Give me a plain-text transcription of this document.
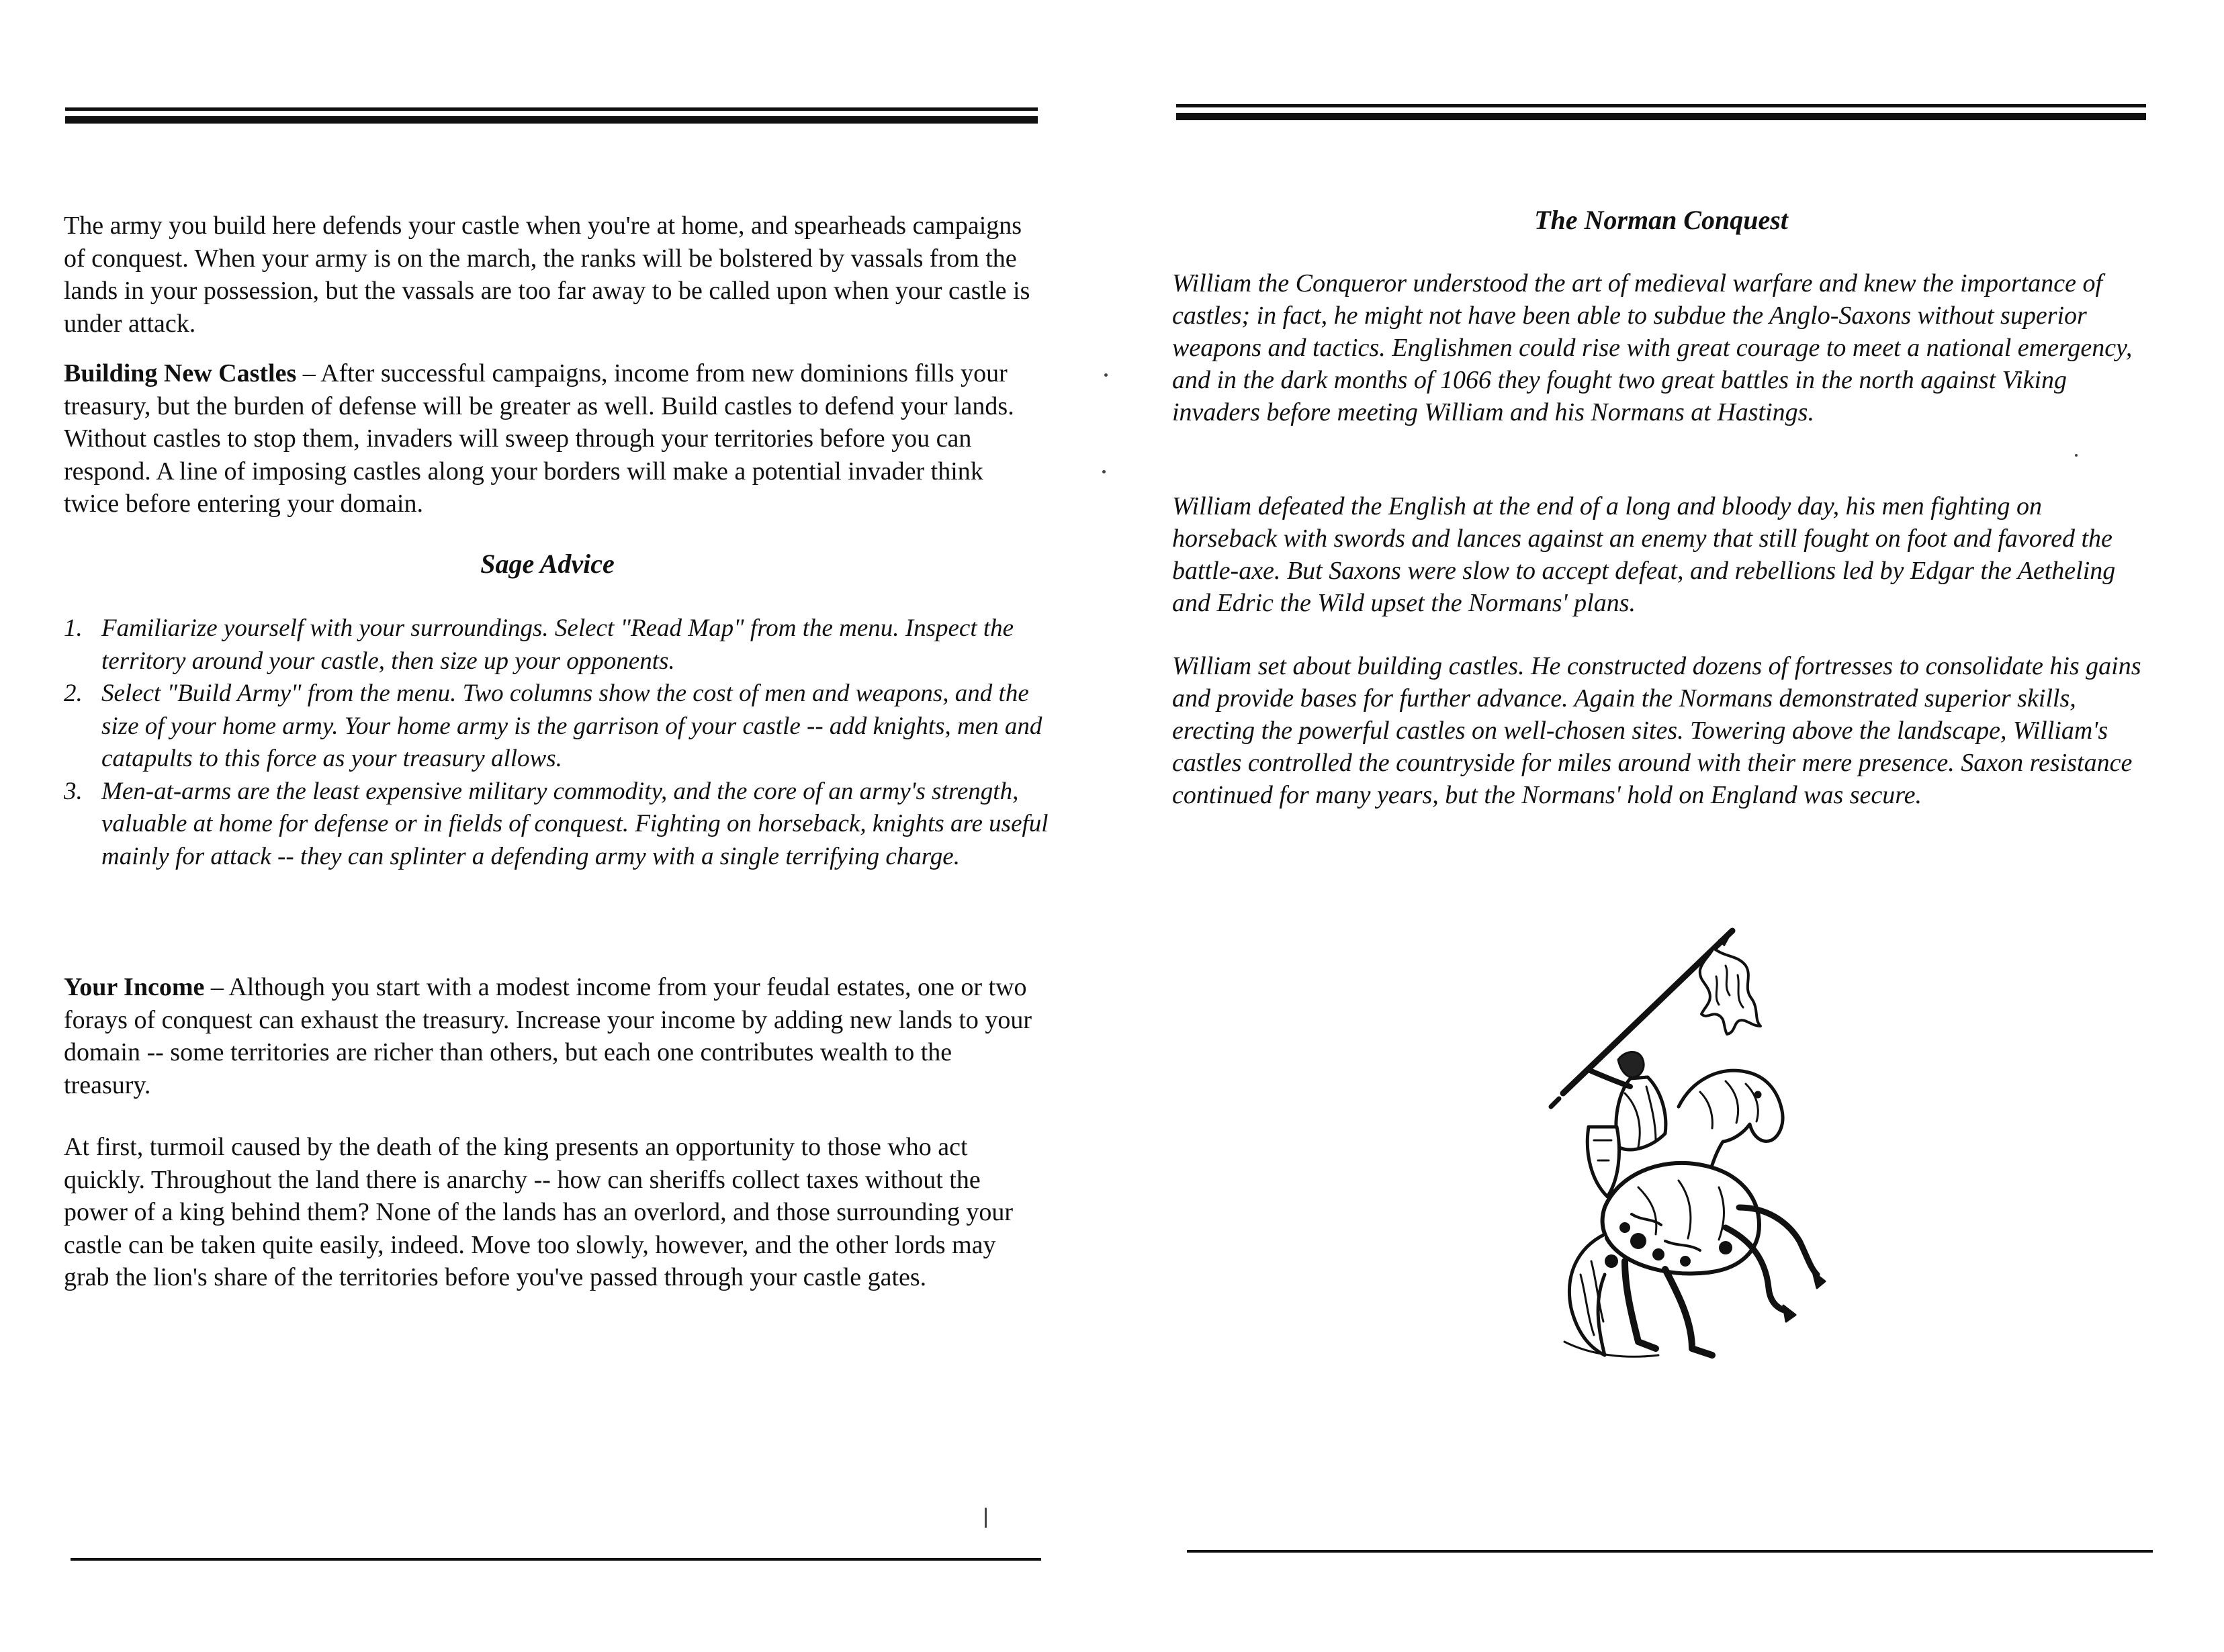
The army you build here defends your castle when you're at home, and spearheads campaigns of conquest. When your army is on the march, the ranks will be bolstered by vassals from the lands in your possession, but the vassals are too far away to be called upon when your castle is under attack.

Building New Castles – After successful campaigns, income from new dominions fills your treasury, but the burden of defense will be greater as well. Build castles to defend your lands. Without castles to stop them, invaders will sweep through your territories before you can respond. A line of imposing castles along your borders will make a potential invader think twice before entering your domain.

Sage Advice
1. Familiarize yourself with your surroundings. Select "Read Map" from the menu. Inspect the territory around your castle, then size up your opponents.
2. Select "Build Army" from the menu. Two columns show the cost of men and weapons, and the size of your home army. Your home army is the garrison of your castle -- add knights, men and catapults to this force as your treasury allows.
3. Men-at-arms are the least expensive military commodity, and the core of an army's strength, valuable at home for defense or in fields of conquest. Fighting on horseback, knights are useful mainly for attack -- they can splinter a defending army with a single terrifying charge.

Your Income – Although you start with a modest income from your feudal estates, one or two forays of conquest can exhaust the treasury. Increase your income by adding new lands to your domain -- some territories are richer than others, but each one contributes wealth to the treasury.

At first, turmoil caused by the death of the king presents an opportunity to those who act quickly. Throughout the land there is anarchy -- how can sheriffs collect taxes without the power of a king behind them? None of the lands has an overlord, and those surrounding your castle can be taken quite easily, indeed. Move too slowly, however, and the other lords may grab the lion's share of the territories before you've passed through your castle gates.

The Norman Conquest

William the Conqueror understood the art of medieval warfare and knew the importance of castles; in fact, he might not have been able to subdue the Anglo-Saxons without superior weapons and tactics. Englishmen could rise with great courage to meet a national emergency, and in the dark months of 1066 they fought two great battles in the north against Viking invaders before meeting William and his Normans at Hastings.

William defeated the English at the end of a long and bloody day, his men fighting on horseback with swords and lances against an enemy that still fought on foot and favored the battle-axe. But Saxons were slow to accept defeat, and rebellions led by Edgar the Aetheling and Edric the Wild upset the Normans' plans.

William set about building castles. He constructed dozens of fortresses to consolidate his gains and provide bases for further advance. Again the Normans demonstrated superior skills, erecting the powerful castles on well-chosen sites. Towering above the landscape, William's castles controlled the countryside for miles around with their mere presence. Saxon resistance continued for many years, but the Normans' hold on England was secure.
